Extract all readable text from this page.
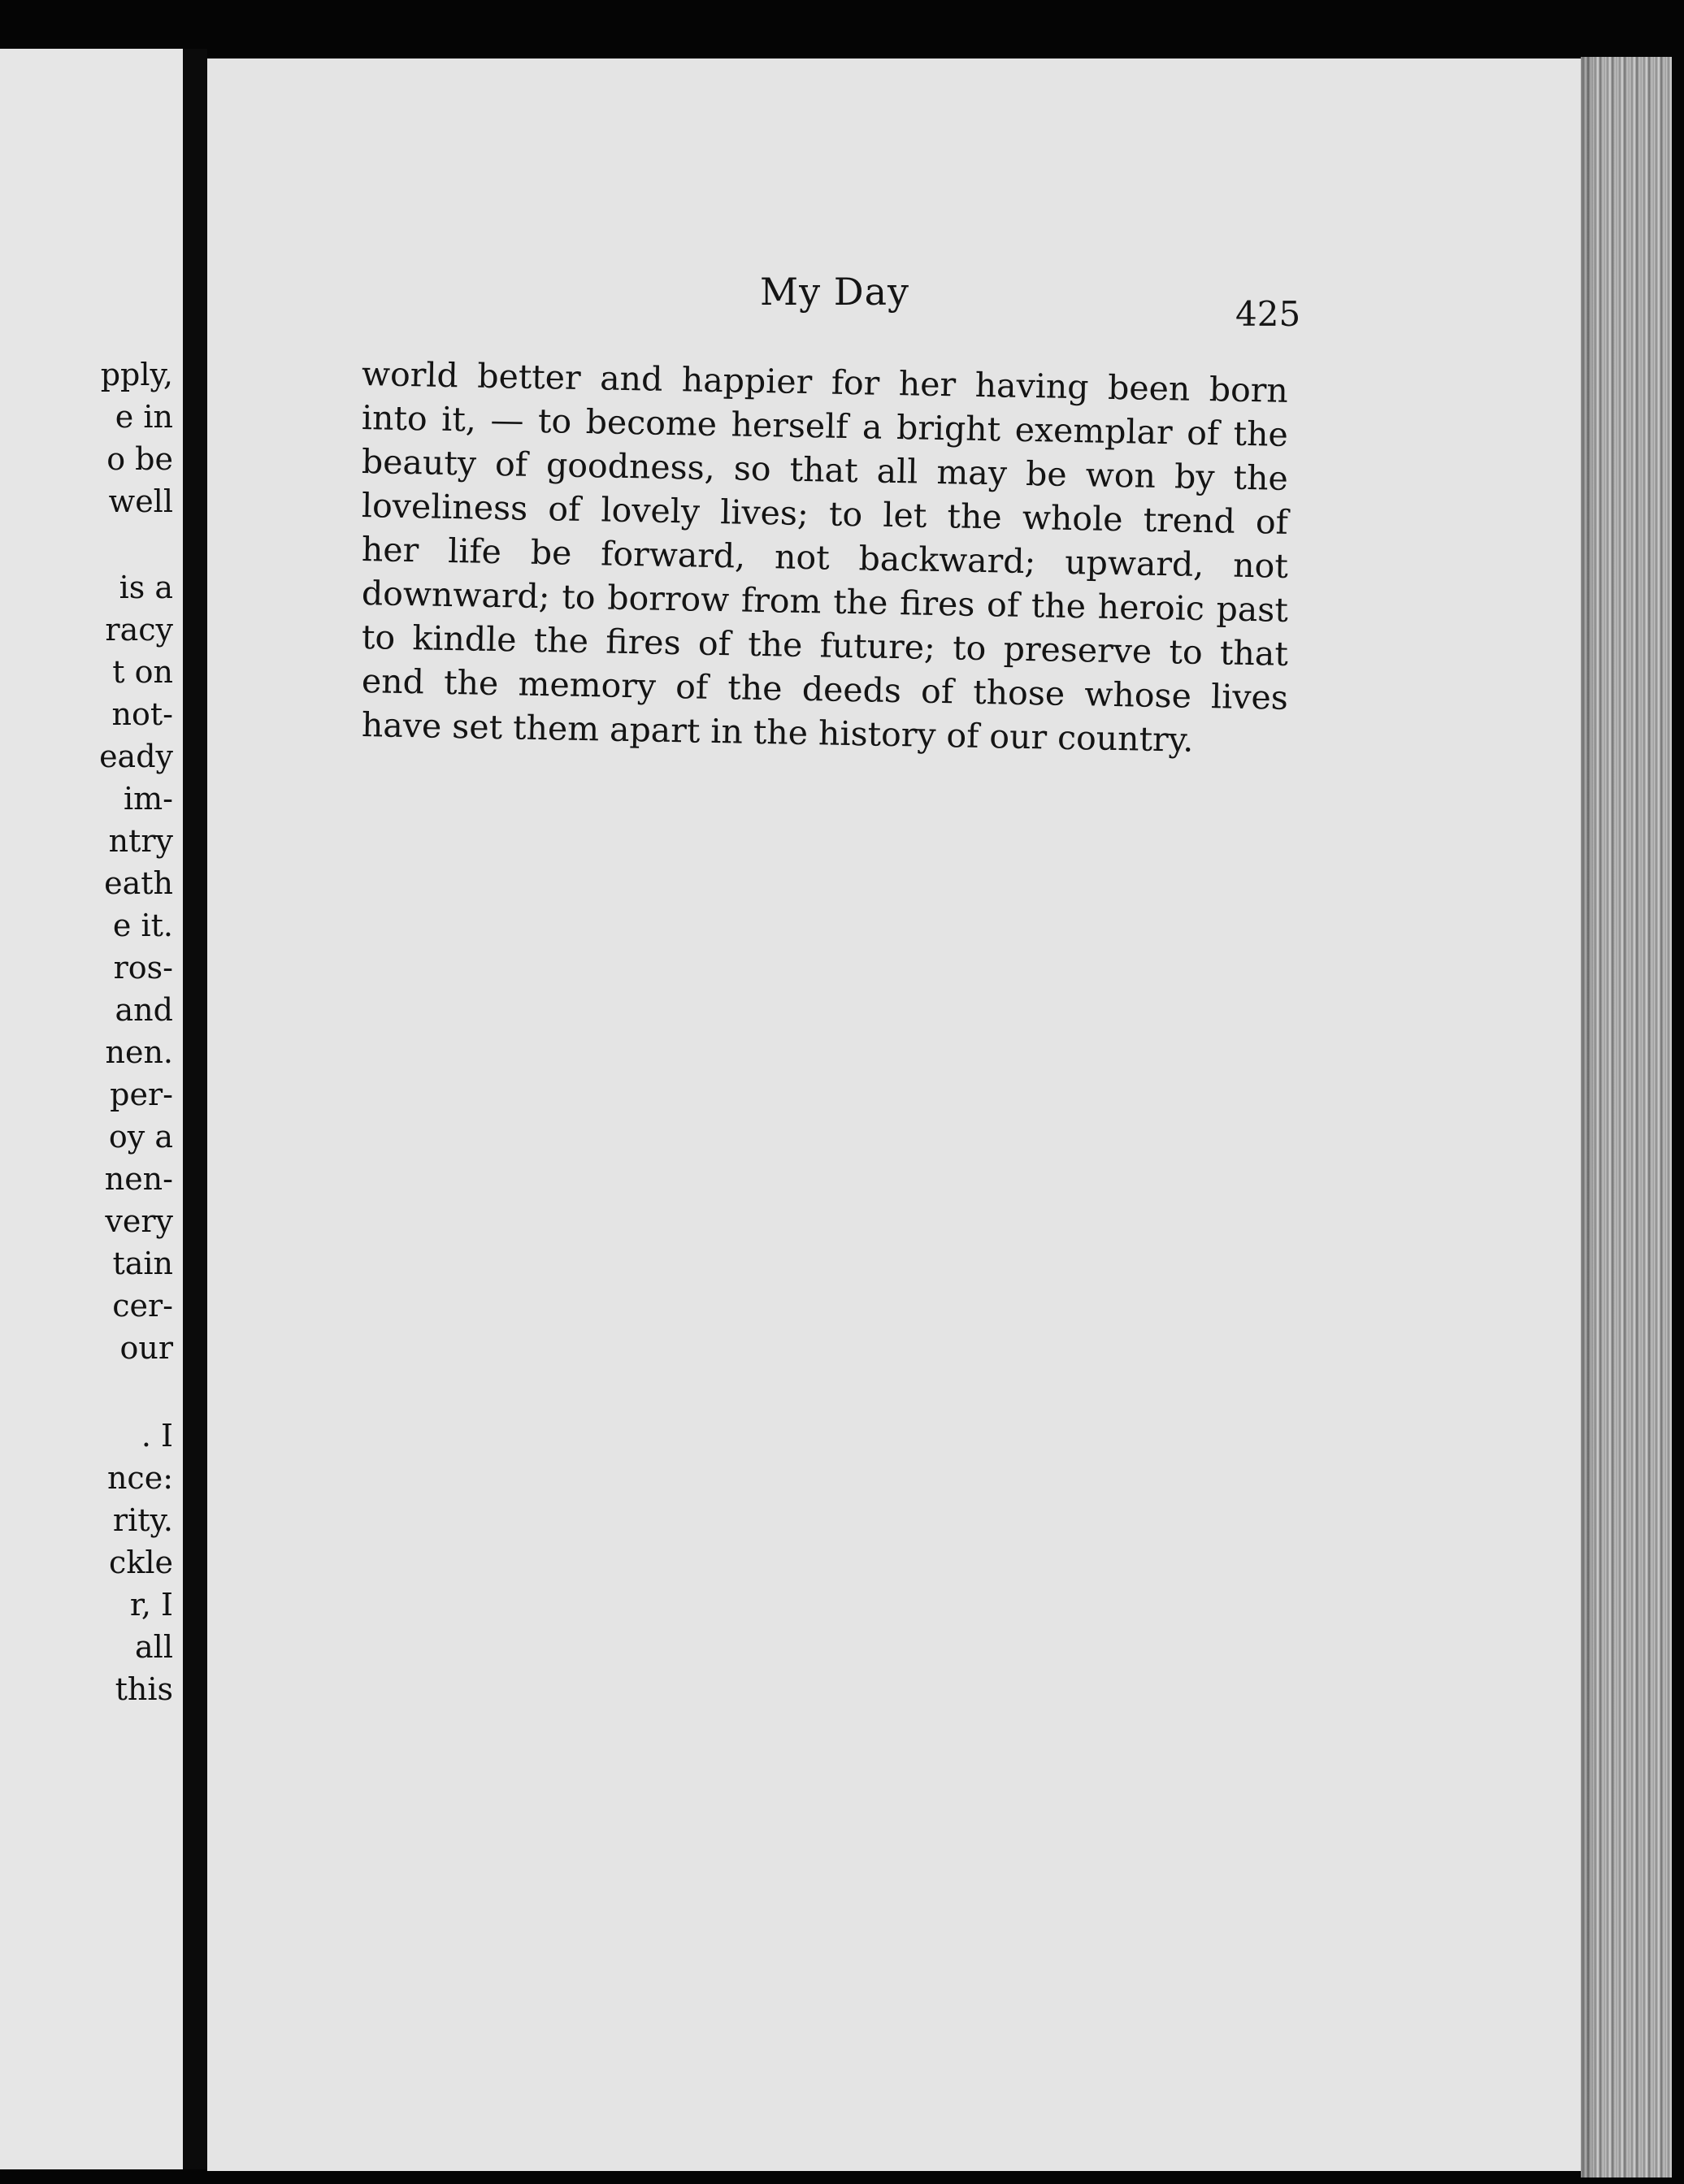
pply,
e in
o be
well
is a
racy
t on
not-
eady
im-
ntry
eath
e it.
ros-
and
nen.
per-
oy a
nen-
very
tain
cer-
our
. I
nce:
rity.
ckle
r, I
all
this
My Day
425
world better and happier for her having been born
into it, — to become herself a bright exemplar of the
beauty of goodness, so that all may be won by the
loveliness of lovely lives; to let the whole trend of
her life be forward, not backward; upward, not
downward; to borrow from the fires of the heroic past
to kindle the fires of the future; to preserve to that
end the memory of the deeds of those whose lives
have set them apart in the history of our country.
